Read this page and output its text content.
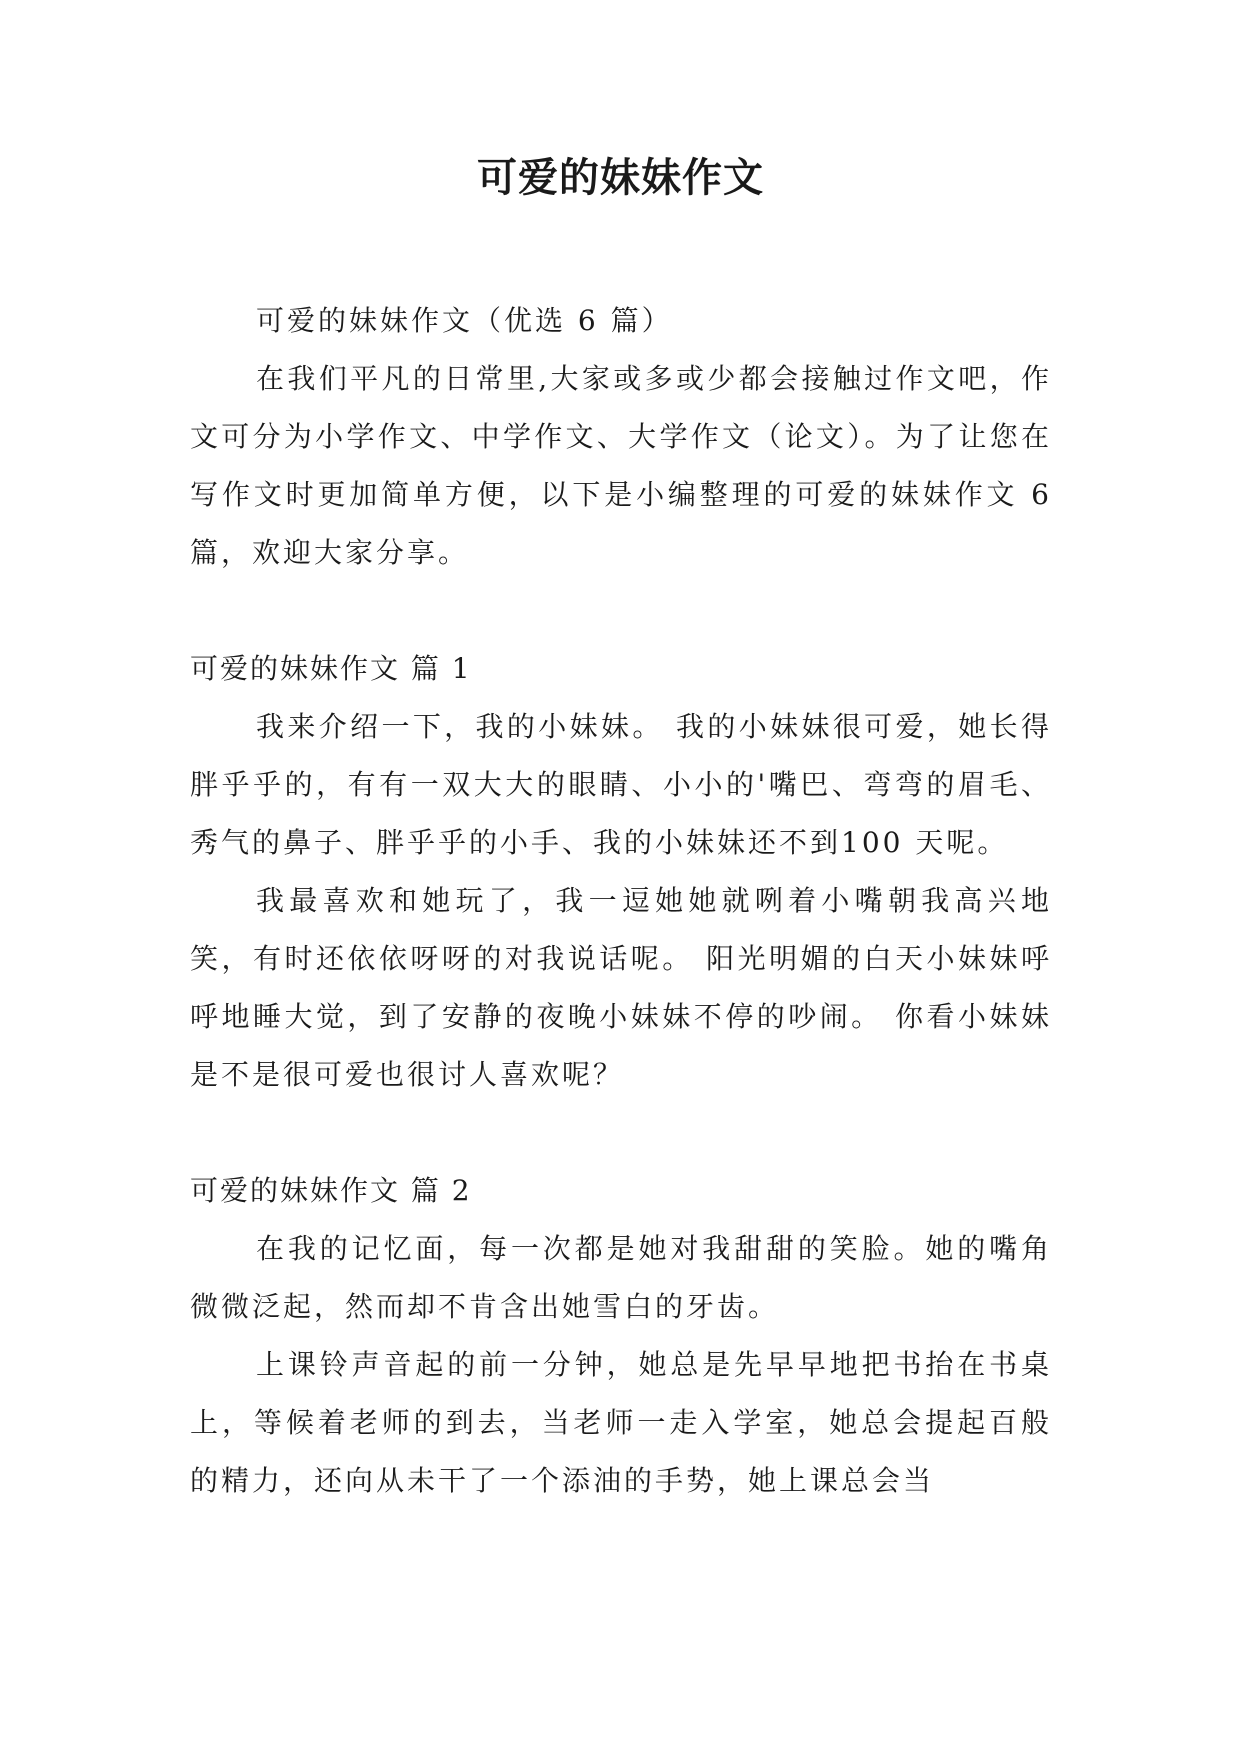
可爱的妹妹作文

可爱的妹妹作文（优选 6 篇）

在我们平凡的日常里,大家或多或少都会接触过作文吧，作文可分为小学作文、中学作文、大学作文（论文）。为了让您在写作文时更加简单方便，以下是小编整理的可爱的妹妹作文 6 篇，欢迎大家分享。

可爱的妹妹作文 篇 1

我来介绍一下，我的小妹妹。 我的小妹妹很可爱，她长得胖乎乎的，有有一双大大的眼睛、小小的'嘴巴、弯弯的眉毛、秀气的鼻子、胖乎乎的小手、我的小妹妹还不到100 天呢。

我最喜欢和她玩了，我一逗她她就咧着小嘴朝我高兴地笑，有时还依依呀呀的对我说话呢。 阳光明媚的白天小妹妹呼呼地睡大觉，到了安静的夜晚小妹妹不停的吵闹。 你看小妹妹是不是很可爱也很讨人喜欢呢？

可爱的妹妹作文 篇 2

在我的记忆面，每一次都是她对我甜甜的笑脸。她的嘴角微微泛起，然而却不肯含出她雪白的牙齿。

上课铃声音起的前一分钟，她总是先早早地把书抬在书桌上，等候着老师的到去，当老师一走入学室，她总会提起百般的精力，还向从未干了一个添油的手势，她上课总会当
